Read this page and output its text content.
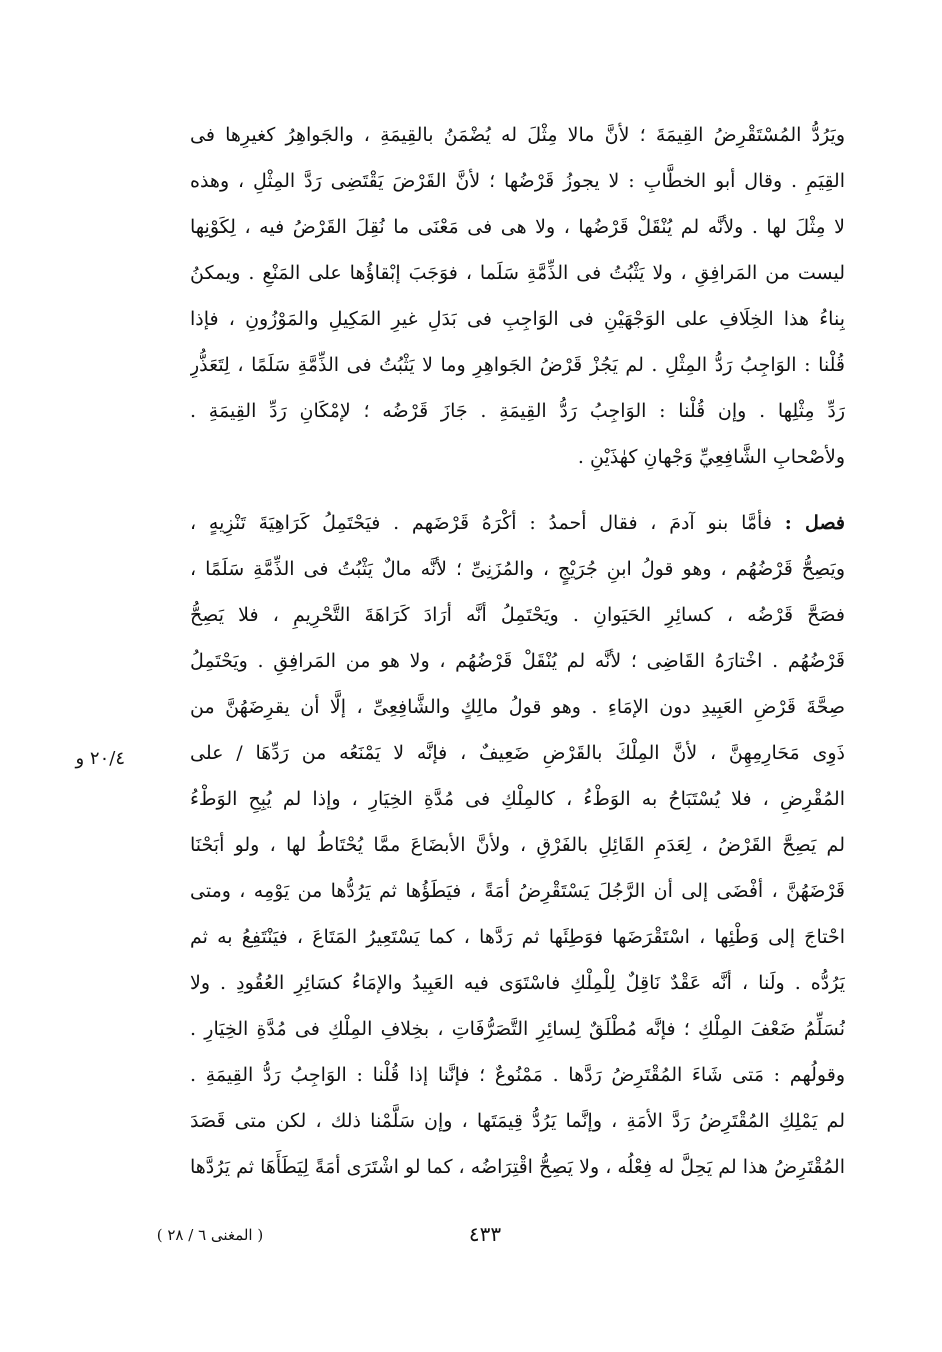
ويَرُدُّ المُسْتَقْرِضُ القِيمَةَ ؛ لأنَّ مالا مِثْلَ له يُضْمَنُ بالقِيمَةِ ، والجَواهِرُ كغيرِها فى
القِيَمِ . وقال أبو الخطَّابِ : لا يجوزُ قَرْضُها ؛ لأنَّ القَرْضَ يَقْتَضِى رَدَّ المِثْلِ ، وهذه
لا مِثْلَ لها . ولأنَّه لم يُنْقَلْ قَرْضُها ، ولا هى فى مَعْنَى ما نُقِلَ القَرْضُ فيه ، لِكَوْنِها
ليست من المَرافِقِ ، ولا يَثْبُتُ فى الذِّمَّةِ سَلَما ، فوَجَبَ إبْقاؤُها على المَنْعِ . ويمكنُ
بِناءُ هذا الخِلَافِ على الوَجْهَيْنِ فى الوَاجِبِ فى بَدَلِ غيرِ المَكِيلِ والمَوْزُونِ ، فإذا
قُلْنا : الوَاجِبُ رَدُّ المِثْلِ . لم يَجُزْ قَرْضُ الجَواهِرِ وما لا يَثْبُتُ فى الذِّمَّةِ سَلَمًا ، لِتَعَذُّرِ
رَدِّ مِثْلِها . وإن قُلْنا : الوَاجِبُ رَدُّ القِيمَةِ . جَازَ قَرْضُه ؛ لإمْكَانِ رَدِّ القِيمَةِ .
ولأصْحابِ الشَّافِعِيِّ وَجْهانِ كهٰذَيْنِ .
فصل : فأمَّا بنو آدمَ ، فقال أحمدُ : أكْرَهُ قَرْضَهم . فيَحْتَمِلُ كَرَاهِيَةَ تَنْزِيهٍ ،
ويَصِحُّ قَرْضُهُم ، وهو قولُ ابنِ جُرَيْجٍ ، والمُزَنِىِّ ؛ لأنَّه مالٌ يَثْبُتُ فى الذِّمَّةِ سَلَمًا ،
فصَحَّ قَرْضُه ، كسائِرِ الحَيَوانِ . ويَحْتَمِلُ أنَّه أرَادَ كَرَاهَةَ التَّحْرِيمِ ، فلا يَصِحُّ
قَرْضُهُم . اخْتارَهُ القَاضِى ؛ لأنَّه لم يُنْقَلْ قَرْضُهُم ، ولا هو من المَرافِقِ . ويَحْتَمِلُ
صِحَّةَ قَرْضِ العَبِيدِ دون الإمَاءِ . وهو قولُ مالِكٍ والشَّافِعِىِّ ، إلَّا أن يقرِضَهُنَّ من
ذَوِى مَحَارِمِهِنَّ ، لأنَّ المِلْكَ بالقَرْضِ ضَعِيفٌ ، فإنَّه لا يَمْنَعُه من رَدِّهَا / على
المُقْرِضِ ، فلا يُسْتَبَاحُ به الوَطْءُ ، كالمِلْكِ فى مُدَّةِ الخِيَارِ ، وإذا لم يُبِحِ الوَطْءُ
لم يَصِحَّ القَرْضُ ، لِعَدَمِ القَائِلِ بالفَرْقِ ، ولأنَّ الأبضَاعَ ممَّا يُحْتَاطُ لها ، ولو أبَحْنَا
قَرْضَهُنَّ ، أفْضَى إلى أن الرَّجُلَ يَسْتَقْرِضُ أمَةً ، فيَطَؤُها ثم يَرُدُّها من يَوْمِه ، ومتى
احْتاجَ إلى وَطْئِها ، اسْتَقْرَضَها فوَطِئَها ثم رَدَّها ، كما يَسْتَعِيرُ المَتَاعَ ، فيَنْتَفِعُ به ثم
يَرُدُّه . ولَنا ، أنَّه عَقْدٌ نَاقِلٌ لِلْمِلْكِ فاسْتَوَى فيه العَبِيدُ والإمَاءُ كسَائِرِ العُقُودِ . ولا
نُسَلِّمُ ضَعْفَ المِلْكِ ؛ فإنَّه مُطْلَقٌ لِسائِرِ التَّصَرُّفَاتِ ، بخِلافِ المِلْكِ فى مُدَّةِ الخِيَارِ .
وقولُهم : مَتى شَاءَ المُقْتَرِضُ رَدَّها . مَمْنُوعٌ ؛ فإنَّنا إذا قُلْنا : الوَاجِبُ رَدُّ القِيمَةِ .
لم يَمْلِكِ المُقْتَرِضُ رَدَّ الأمَةِ ، وإنَّما يَرُدُّ قِيمَتَها ، وإن سَلَّمْنا ذلك ، لكن متى قَصَدَ
المُقْتَرِضُ هذا لم يَحِلَّ له فِعْلُه ، ولا يَصِحُّ اقْتِرَاضُه ، كما لو اشْتَرَى أمَةً لِيَطَأَهَا ثم يَرُدَّها
٢٠/٤ و
( المغنى ٦ / ٢٨ )	٤٣٣
